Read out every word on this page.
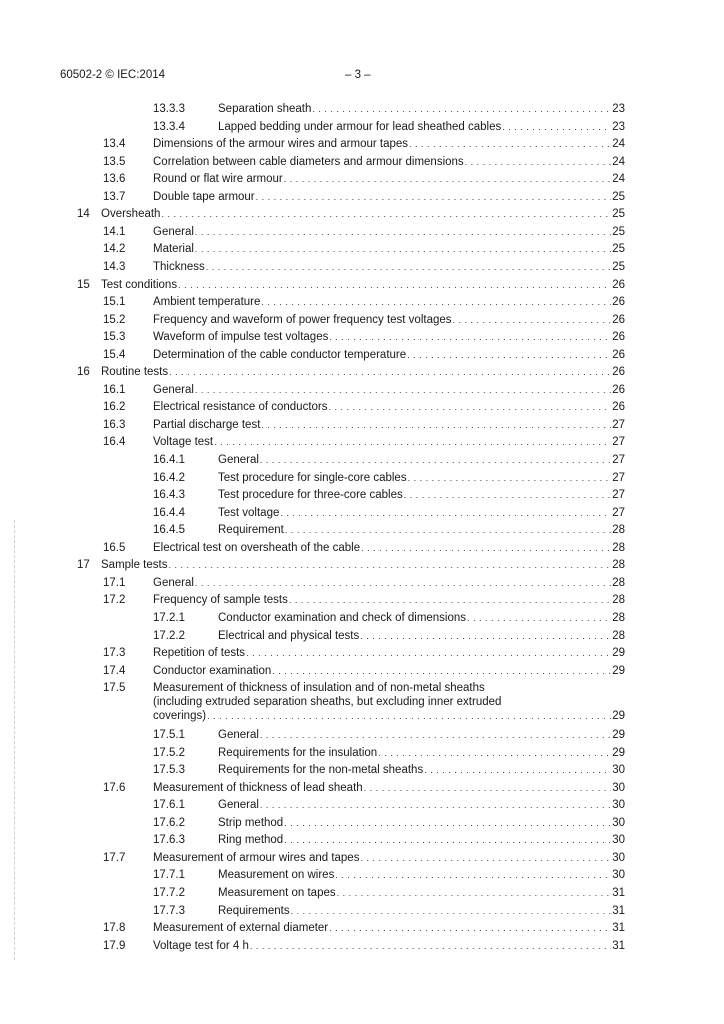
60502-2 © IEC:2014	– 3 –
13.3.3	Separation sheath . . .	23
13.3.4	Lapped bedding under armour for lead sheathed cables . . .	23
13.4 Dimensions of the armour wires and armour tapes . . .	24
13.5 Correlation between cable diameters and armour dimensions . . .	24
13.6 Round or flat wire armour . . .	24
13.7 Double tape armour . . .	25
14 Oversheath . . .	25
14.1 General . . .	25
14.2 Material . . .	25
14.3 Thickness . . .	25
15 Test conditions . . .	26
15.1 Ambient temperature . . .	26
15.2 Frequency and waveform of power frequency test voltages . . .	26
15.3 Waveform of impulse test voltages . . .	26
15.4 Determination of the cable conductor temperature . . .	26
16 Routine tests . . .	26
16.1 General . . .	26
16.2 Electrical resistance of conductors . . .	26
16.3 Partial discharge test . . .	27
16.4 Voltage test . . .	27
16.4.1	General . . .	27
16.4.2	Test procedure for single-core cables . . .	27
16.4.3	Test procedure for three-core cables . . .	27
16.4.4	Test voltage . . .	27
16.4.5	Requirement . . .	28
16.5 Electrical test on oversheath of the cable . . .	28
17 Sample tests . . .	28
17.1 General . . .	28
17.2 Frequency of sample tests . . .	28
17.2.1	Conductor examination and check of dimensions . . .	28
17.2.2	Electrical and physical tests . . .	28
17.3 Repetition of tests . . .	29
17.4 Conductor examination . . .	29
17.5 Measurement of thickness of insulation and of non-metal sheaths
(including extruded separation sheaths, but excluding inner extruded
coverings) . . .	29
17.5.1	General . . .	29
17.5.2	Requirements for the insulation . . .	29
17.5.3	Requirements for the non-metal sheaths . . .	30
17.6 Measurement of thickness of lead sheath . . .	30
17.6.1	General . . .	30
17.6.2	Strip method . . .	30
17.6.3	Ring method . . .	30
17.7 Measurement of armour wires and tapes . . .	30
17.7.1	Measurement on wires . . .	30
17.7.2	Measurement on tapes . . .	31
17.7.3	Requirements . . .	31
17.8 Measurement of external diameter . . .	31
17.9 Voltage test for 4 h . . .	31
